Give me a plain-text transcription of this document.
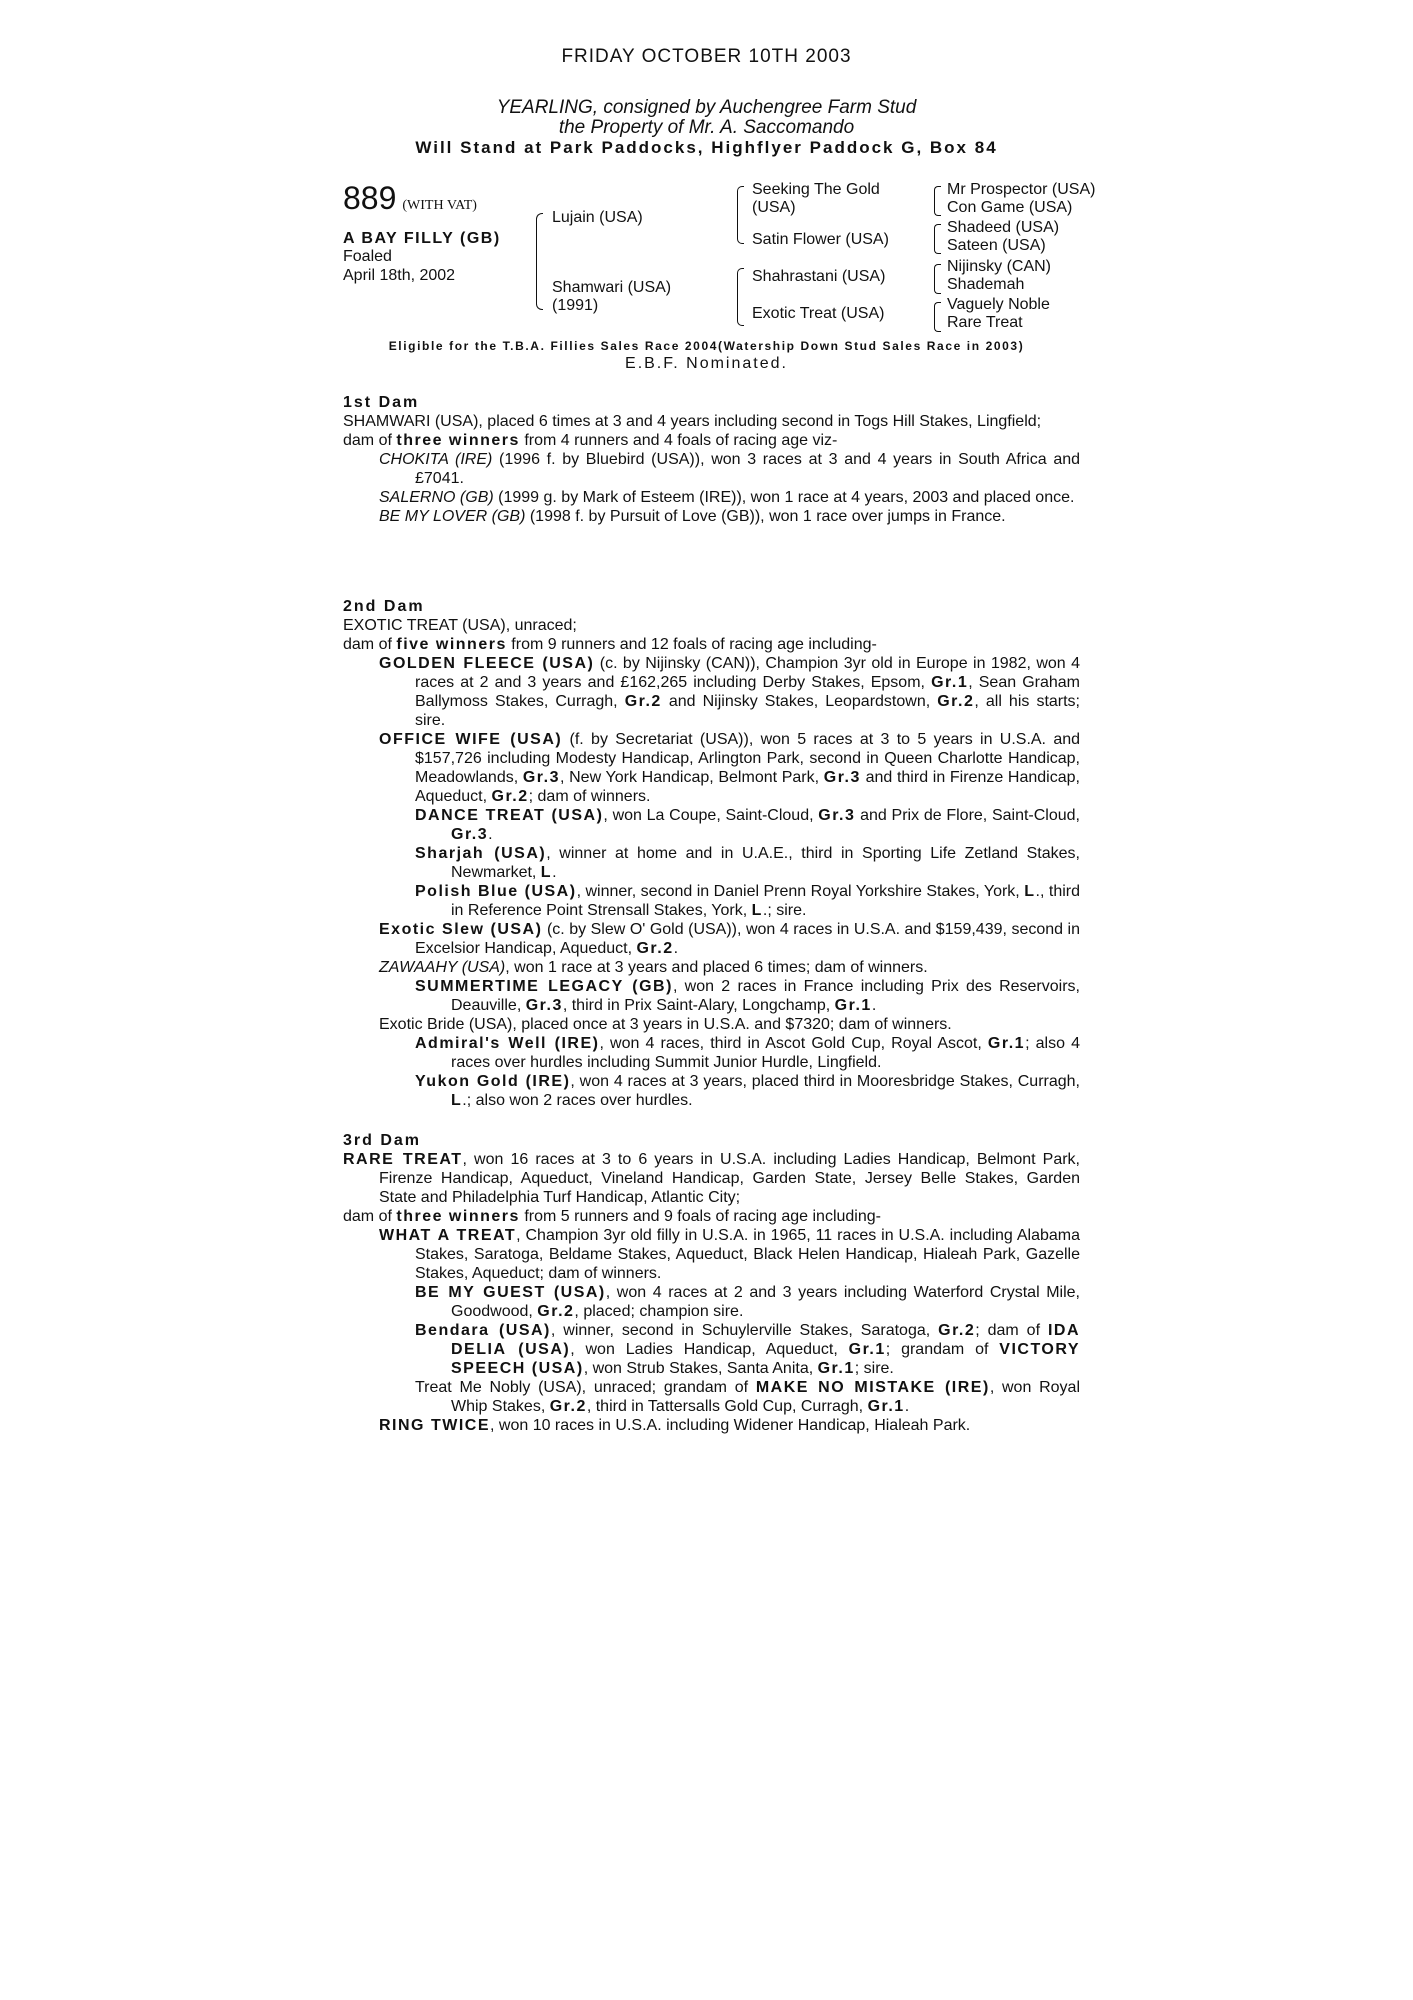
FRIDAY OCTOBER 10TH 2003
YEARLING, consigned by Auchengree Farm Stud
the Property of Mr. A. Saccomando
Will Stand at Park Paddocks, Highflyer Paddock G, Box 84
889 (WITH VAT)
A BAY FILLY (GB)
Foaled
April 18th, 2002
Lujain (USA)
Shamwari (USA)
(1991)
Seeking The Gold
(USA)
Satin Flower (USA)
Shahrastani (USA)
Exotic Treat (USA)
Mr Prospector (USA)
Con Game (USA)
Shadeed (USA)
Sateen (USA)
Nijinsky (CAN)
Shademah
Vaguely Noble
Rare Treat
Eligible for the T.B.A. Fillies Sales Race 2004(Watership Down Stud Sales Race in 2003)
E.B.F. Nominated.

1st Dam

SHAMWARI (USA), placed 6 times at 3 and 4 years including second in Togs Hill Stakes, Lingfield;

dam of three winners from 4 runners and 4 foals of racing age viz-

CHOKITA (IRE) (1996 f. by Bluebird (USA)), won 3 races at 3 and 4 years in South Africa and £7041.

SALERNO (GB) (1999 g. by Mark of Esteem (IRE)), won 1 race at 4 years, 2003 and placed once.

BE MY LOVER (GB) (1998 f. by Pursuit of Love (GB)), won 1 race over jumps in France.

2nd Dam

EXOTIC TREAT (USA), unraced;

dam of five winners from 9 runners and 12 foals of racing age including-

GOLDEN FLEECE (USA) (c. by Nijinsky (CAN)), Champion 3yr old in Europe in 1982, won 4 races at 2 and 3 years and £162,265 including Derby Stakes, Epsom, Gr.1, Sean Graham Ballymoss Stakes, Curragh, Gr.2 and Nijinsky Stakes, Leopardstown, Gr.2, all his starts; sire.

OFFICE WIFE (USA) (f. by Secretariat (USA)), won 5 races at 3 to 5 years in U.S.A. and $157,726 including Modesty Handicap, Arlington Park, second in Queen Charlotte Handicap, Meadowlands, Gr.3, New York Handicap, Belmont Park, Gr.3 and third in Firenze Handicap, Aqueduct, Gr.2; dam of winners.

DANCE TREAT (USA), won La Coupe, Saint-Cloud, Gr.3 and Prix de Flore, Saint-Cloud, Gr.3.

Sharjah (USA), winner at home and in U.A.E., third in Sporting Life Zetland Stakes, Newmarket, L.

Polish Blue (USA), winner, second in Daniel Prenn Royal Yorkshire Stakes, York, L., third in Reference Point Strensall Stakes, York, L.; sire.

Exotic Slew (USA) (c. by Slew O' Gold (USA)), won 4 races in U.S.A. and $159,439, second in Excelsior Handicap, Aqueduct, Gr.2.

ZAWAAHY (USA), won 1 race at 3 years and placed 6 times; dam of winners.

SUMMERTIME LEGACY (GB), won 2 races in France including Prix des Reservoirs, Deauville, Gr.3, third in Prix Saint-Alary, Longchamp, Gr.1.

Exotic Bride (USA), placed once at 3 years in U.S.A. and $7320; dam of winners.

Admiral's Well (IRE), won 4 races, third in Ascot Gold Cup, Royal Ascot, Gr.1; also 4 races over hurdles including Summit Junior Hurdle, Lingfield.

Yukon Gold (IRE), won 4 races at 3 years, placed third in Mooresbridge Stakes, Curragh, L.; also won 2 races over hurdles.

3rd Dam

RARE TREAT, won 16 races at 3 to 6 years in U.S.A. including Ladies Handicap, Belmont Park, Firenze Handicap, Aqueduct, Vineland Handicap, Garden State, Jersey Belle Stakes, Garden State and Philadelphia Turf Handicap, Atlantic City;

dam of three winners from 5 runners and 9 foals of racing age including-

WHAT A TREAT, Champion 3yr old filly in U.S.A. in 1965, 11 races in U.S.A. including Alabama Stakes, Saratoga, Beldame Stakes, Aqueduct, Black Helen Handicap, Hialeah Park, Gazelle Stakes, Aqueduct; dam of winners.

BE MY GUEST (USA), won 4 races at 2 and 3 years including Waterford Crystal Mile, Goodwood, Gr.2, placed; champion sire.

Bendara (USA), winner, second in Schuylerville Stakes, Saratoga, Gr.2; dam of IDA DELIA (USA), won Ladies Handicap, Aqueduct, Gr.1; grandam of VICTORY SPEECH (USA), won Strub Stakes, Santa Anita, Gr.1; sire.

Treat Me Nobly (USA), unraced; grandam of MAKE NO MISTAKE (IRE), won Royal Whip Stakes, Gr.2, third in Tattersalls Gold Cup, Curragh, Gr.1.

RING TWICE, won 10 races in U.S.A. including Widener Handicap, Hialeah Park.
